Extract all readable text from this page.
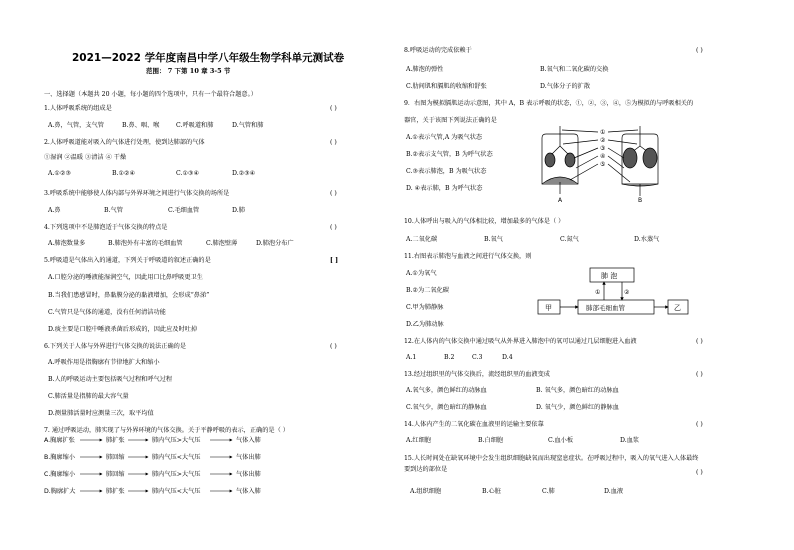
2021—2022 学年度南昌中学八年级生物学科单元测试卷
范围： 7 下第 10 章 3-5 节
一、选择题（本题共 20 小题，每小题的四个选项中，只有一个最符合题意。）
1.人体呼吸系统的组成是	( )
A.鼻，气管，支气管	B.鼻、咽、喉	C.呼吸道和肺	D.气管和肺
2.人体呼吸道能对吸入的气体进行处理，使到达肺部的气体	( )
①湿润 ②温暖 ③清洁 ④ 干燥
A.①②③	B.①②④	C.①③④	D.②③④
3.呼吸系统中能够使人体内部与外界环境之间进行气体交换的场所是	( )
A.鼻	B.气管	C.毛细血管	D.肺
4.下列选项中不是肺泡适于气体交换的特点是	( )
A.肺泡数量多	B.肺泡外有丰富的毛细血管	C.肺泡壁薄	D.肺泡分布广
5.呼吸道是气体出入的通道，下列关于呼吸道的叙述正确的是	[ ]
A.口腔分泌的唾液能湿润空气，因此用口比鼻呼吸更卫生
B.当我们患感冒时，鼻黏膜分泌的黏液增加，会形成“鼻涕”
C.气管只是气体的通道，没有任何清洁功能
D.痰主要是口腔中唾液杀菌后形成的，因此应及时吐掉
6.下列关于人体与外界进行气体交换的说法正确的是	( )
A.呼吸作用是指胸廓有节律地扩大和缩小
B.人的呼吸运动主要包括吸气过程和呼气过程
C.肺活量是指肺的最大容气量
D.测量肺活量时应测量三次，取平均值
7. 通过呼吸运动，肺实现了与外界环境的气体交换。关于平静呼吸的表示，正确的是（ ）
A.胸廓扩张	肺扩张	肺内气压>大气压	气体入肺
B.胸廓缩小	肺回缩	肺内气压<大气压	气体出肺
C.胸廓缩小	肺回缩	肺内气压>大气压	气体出肺
D.胸廓扩大	肺扩张	肺内气压<大气压	气体入肺
8.呼吸运动的完成依赖于	( )
A.肺泡的弹性	B.氧气和二氧化碳的交换
C.肋间肌和膈肌的收缩和舒张	D.气体分子的扩散
9．右图为模拟膈肌运动示意图，其中 A，B 表示呼吸的状态，①，②，③，④，⑤为模拟的与呼吸相关的
器官，关于该图下列说法正确的是
A.①表示气管,A 为吸气状态
B.②表示支气管，B 为呼气状态
C.③表示肺泡，B 为吸气状态
D. ④表示肺，B 为呼气状态
①
②
③
④
⑤
A	B
10.人体呼出与吸入的气体相比较，增加最多的气体是（ ）
A.二氧化碳	B.氧气	C.氮气	D.水蒸气
11.右图表示肺泡与血液之间进行气体交换，则
A.①为氧气
B.②为二氧化碳
C.甲为肺静脉
D.乙为肺动脉
肺 泡
肺部毛细血管
甲	乙
①	②
12.在人体内的气体交换中通过吸气从外界进入肺泡中的氧可以通过几层细胞进入血液	( )
A.1	B.2	C.3	D.4
13.经过组织里的气体交换后，流经组织里的血液变成	( )
A.氧气多，颜色鲜红的动脉血	B. 氧气多，颜色暗红的动脉血
C.氧气少，颜色暗红的静脉血	D. 氧气少，颜色鲜红的静脉血
14.人体内产生的二氧化碳在血液里的运输主要依靠	( )
A.红细胞	B.白细胞	C.血小板	D.血浆
15.人长时间处在缺氧环境中会发生组织细胞缺氧而出现窒息症状。在呼吸过程中，吸入的氧气进入人体最终要到达的部位是	( )
A.组织细胞	B.心脏	C.肺	D.血液
